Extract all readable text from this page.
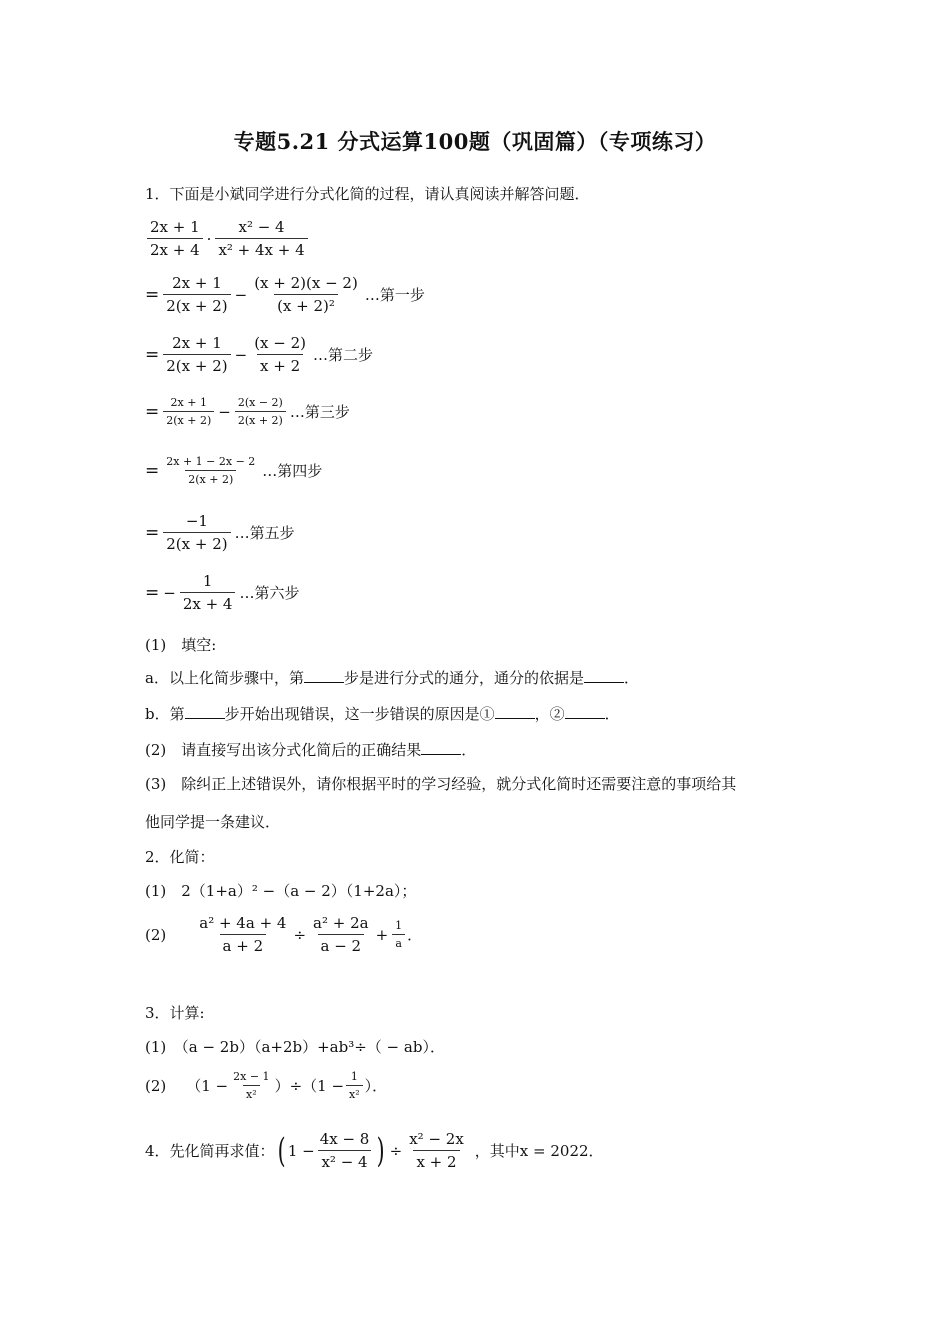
专题5.21 分式运算100题（巩固篇）（专项练习）
1．下面是小斌同学进行分式化简的过程，请认真阅读并解答问题．
$\frac{2x + 1}{2x + 4} \cdot \frac{\text{x² − 4}}{\text{x² + 4x + 4}}$
= $\frac{2x + 1}{2(x + 2)} - \frac{(x + 2)(x - 2)}{\text{(x + 2)²}}$ …第一步
= $\frac{2x + 1}{2(x + 2)} - \frac{(x - 2)}{x + 2}$ …第二步
= $\frac{2x + 1}{2(x + 2)} - \frac{2(x - 2)}{2(x + 2)}$ …第三步
= $\frac{2x + 1 - 2x - 2}{2(x + 2)}$ …第四步
= $\frac{-1}{2(x + 2)}$ …第五步
= − $\frac{1}{2x + 4}$ …第六步
(1)　填空:
a．以上化简步骤中，第	步是进行分式的通分，通分的依据是	．
b．第	步开始出现错误，这一步错误的原因是①	，②	．
(2)　请直接写出该分式化简后的正确结果	．
(3)　除纠正上述错误外，请你根据平时的学习经验，就分式化简时还需要注意的事项给其
他同学提一条建议．
2．化简：
(1)　2（1+a）² −（a − 2）（1+2a）；
$(2) \frac{\text{a² + 4a + 4}}{a + 2} \div \frac{\text{a² + 2a}}{a - 2} + \frac{1}{a}$ ．
3．计算:
(1)　（a − 2b）（a+2b）+ab³÷（ − ab）．
(2) $(1 - \frac{2x - 1}{\text{x²}} )\div(1 - \frac{1}{\text{x²}}$ ）．
4．先化简再求值： ( $1 - \frac{4x - 8}{\text{x² − 4}}$ ) ÷ $\frac{\text{x² − 2x}}{x + 2}$ ，其中x = 2022．
